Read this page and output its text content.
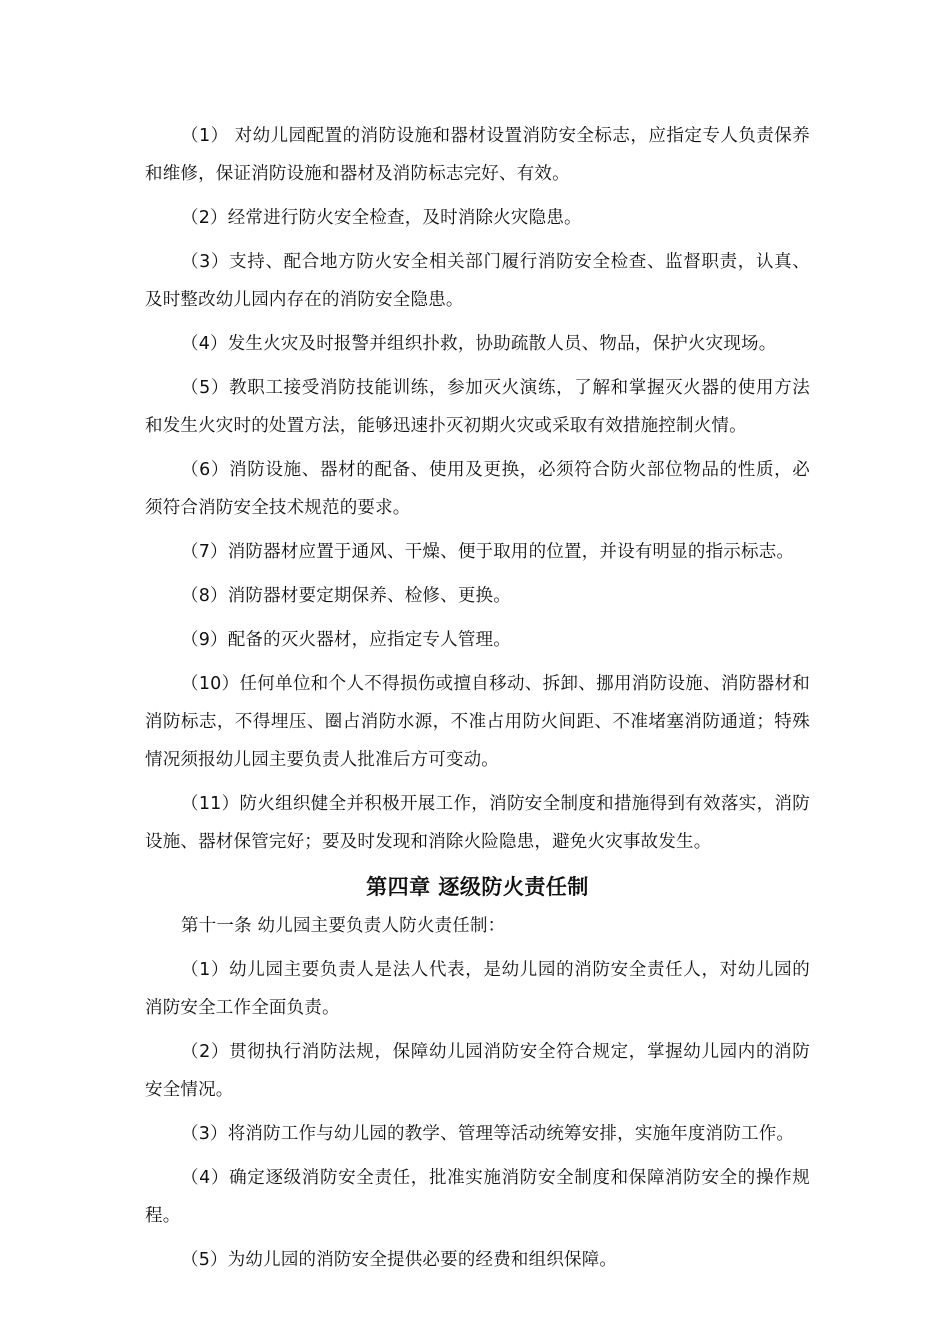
（1） 对幼儿园配置的消防设施和器材设置消防安全标志，应指定专人负责保养和维修，保证消防设施和器材及消防标志完好、有效。

（2）经常进行防火安全检查，及时消除火灾隐患。

（3）支持、配合地方防火安全相关部门履行消防安全检查、监督职责，认真、及时整改幼儿园内存在的消防安全隐患。

（4）发生火灾及时报警并组织扑救，协助疏散人员、物品，保护火灾现场。

（5）教职工接受消防技能训练，参加灭火演练，了解和掌握灭火器的使用方法和发生火灾时的处置方法，能够迅速扑灭初期火灾或采取有效措施控制火情。

（6）消防设施、器材的配备、使用及更换，必须符合防火部位物品的性质，必须符合消防安全技术规范的要求。

（7）消防器材应置于通风、干燥、便于取用的位置，并设有明显的指示标志。

（8）消防器材要定期保养、检修、更换。

（9）配备的灭火器材，应指定专人管理。

（10）任何单位和个人不得损伤或擅自移动、拆卸、挪用消防设施、消防器材和消防标志，不得埋压、圈占消防水源，不准占用防火间距、不准堵塞消防通道；特殊情况须报幼儿园主要负责人批准后方可变动。

（11）防火组织健全并积极开展工作，消防安全制度和措施得到有效落实，消防设施、器材保管完好；要及时发现和消除火险隐患，避免火灾事故发生。

第四章 逐级防火责任制

第十一条 幼儿园主要负责人防火责任制：

（1）幼儿园主要负责人是法人代表，是幼儿园的消防安全责任人，对幼儿园的消防安全工作全面负责。

（2）贯彻执行消防法规，保障幼儿园消防安全符合规定，掌握幼儿园内的消防安全情况。

（3）将消防工作与幼儿园的教学、管理等活动统筹安排，实施年度消防工作。

（4）确定逐级消防安全责任，批准实施消防安全制度和保障消防安全的操作规程。

（5）为幼儿园的消防安全提供必要的经费和组织保障。
